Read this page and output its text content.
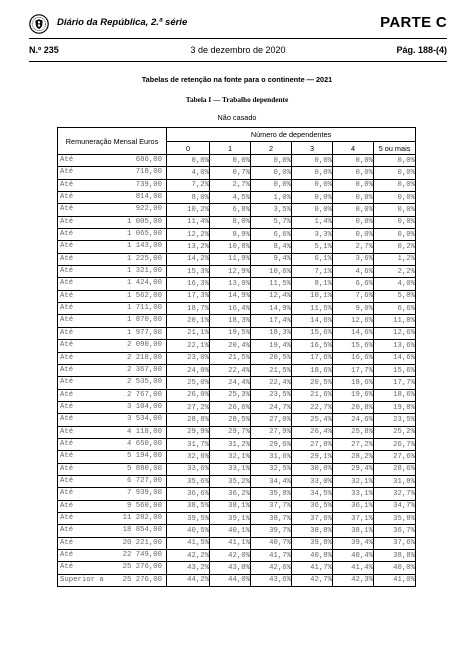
Diário da República, 2.ª série	PARTE C
N.º 235	3 de dezembro de 2020	Pág. 188-(4)
Tabelas de retenção na fonte para o continente — 2021
Tabela I — Trabalho dependente
Não casado
Remuneração Mensal Euros	Número de dependentes					
	0	1	2	3	4	5 ou mais

Até 686,00	0,0%	0,0%	0,0%	0,0%	0,0%	0,0%

Até 718,00	4,0%	0,7%	0,0%	0,0%	0,0%	0,0%

Até 739,00	7,2%	2,7%	0,0%	0,0%	0,0%	0,0%

Até 814,00	8,0%	4,5%	1,0%	0,0%	0,0%	0,0%

Até 922,00	10,2%	6,8%	3,5%	0,0%	0,0%	0,0%

Até 1 005,00	11,4%	8,0%	5,7%	1,4%	0,0%	0,0%

Até 1 065,00	12,2%	8,9%	6,6%	3,3%	0,0%	0,0%

Até 1 143,00	13,2%	10,8%	8,4%	5,1%	2,7%	0,2%

Até 1 225,00	14,2%	11,9%	9,4%	6,1%	3,6%	1,2%

Até 1 321,00	15,3%	12,9%	10,6%	7,1%	4,6%	2,2%

Até 1 424,00	16,3%	13,9%	11,5%	8,1%	6,6%	4,0%

Até 1 562,00	17,3%	14,9%	12,4%	10,1%	7,6%	5,0%

Até 1 711,00	18,7%	16,4%	14,9%	11,5%	9,0%	6,6%

Até 1 870,00	20,1%	18,3%	17,4%	14,6%	12,6%	11,8%

Até 1 977,00	21,1%	19,5%	18,3%	15,6%	14,6%	12,6%

Até 2 090,00	22,1%	20,4%	19,4%	16,5%	15,6%	13,6%

Até 2 218,00	23,0%	21,5%	20,5%	17,6%	16,6%	14,6%

Até 2 367,00	24,0%	22,4%	21,5%	18,6%	17,7%	15,6%

Até 2 535,00	25,0%	24,4%	22,4%	20,5%	18,6%	17,7%

Até 2 767,00	26,0%	25,3%	23,5%	21,6%	19,6%	18,6%

Até 3 104,00	27,2%	26,6%	24,7%	22,7%	20,8%	19,8%

Até 3 534,00	28,8%	28,5%	27,0%	25,4%	24,6%	23,5%

Até 4 118,00	29,9%	29,7%	27,9%	26,4%	25,8%	25,2%

Até 4 650,00	31,7%	31,2%	29,6%	27,8%	27,2%	26,7%

Até 5 194,00	32,6%	32,1%	31,6%	29,1%	28,2%	27,6%

Até 5 880,00	33,6%	33,1%	32,5%	30,0%	29,4%	28,6%

Até 6 727,00	35,6%	35,2%	34,4%	33,0%	32,1%	31,8%

Até 7 939,00	36,6%	36,2%	35,8%	34,5%	33,1%	32,7%

Até 9 560,00	38,5%	38,1%	37,7%	36,5%	36,1%	34,7%

Até 11 282,00	39,5%	39,1%	38,7%	37,6%	37,1%	35,8%

Até 18 854,00	40,5%	40,1%	39,7%	38,8%	38,1%	36,7%

Até 20 221,00	41,5%	41,1%	40,7%	39,8%	39,4%	37,6%

Até 22 749,00	42,2%	42,0%	41,7%	40,8%	40,4%	38,8%

Até 25 276,00	43,2%	43,0%	42,6%	41,7%	41,4%	40,0%

Superior a 25 276,00	44,2%	44,0%	43,6%	42,7%	42,3%	41,0%
